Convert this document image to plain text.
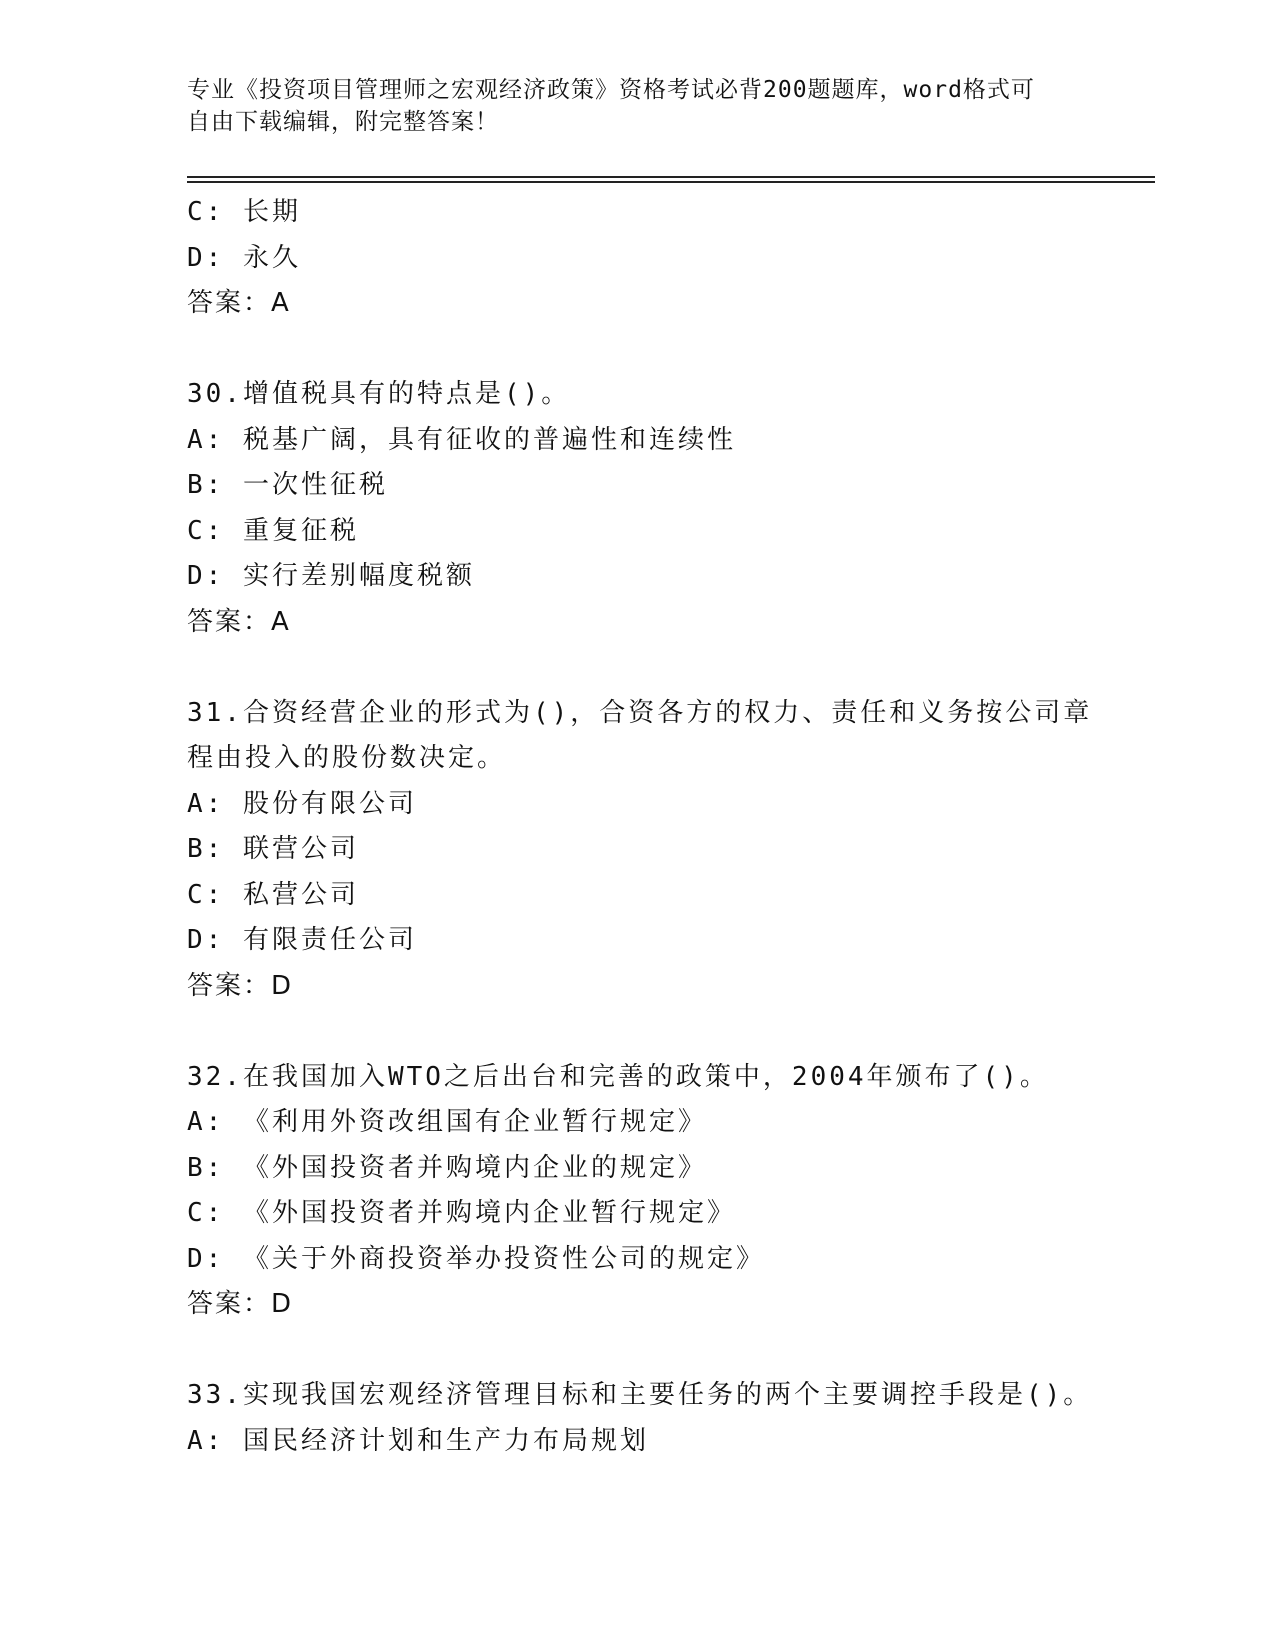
专业《投资项目管理师之宏观经济政策》资格考试必背200题题库，word格式可
自由下载编辑，附完整答案！
C: 长期
D: 永久
答案：A
30.增值税具有的特点是()。
A: 税基广阔，具有征收的普遍性和连续性
B: 一次性征税
C: 重复征税
D: 实行差别幅度税额
答案：A
31.合资经营企业的形式为()，合资各方的权力、责任和义务按公司章
程由投入的股份数决定。
A: 股份有限公司
B: 联营公司
C: 私营公司
D: 有限责任公司
答案：D
32.在我国加入WTO之后出台和完善的政策中，2004年颁布了()。
A: 《利用外资改组国有企业暂行规定》
B: 《外国投资者并购境内企业的规定》
C: 《外国投资者并购境内企业暂行规定》
D: 《关于外商投资举办投资性公司的规定》
答案：D
33.实现我国宏观经济管理目标和主要任务的两个主要调控手段是()。
A: 国民经济计划和生产力布局规划
